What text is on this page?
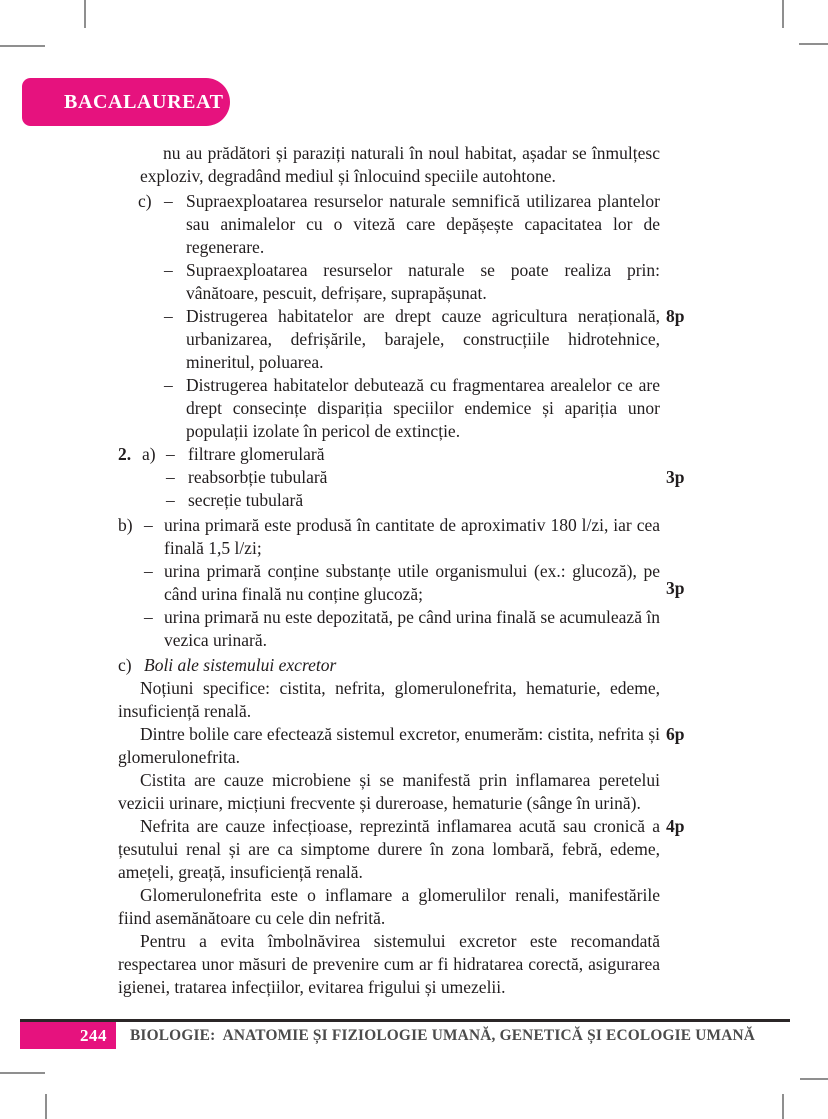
BACALAUREAT

nu au prădători și paraziți naturali în noul habitat, așadar se înmulțesc exploziv, degradând mediul și înlocuind speciile autohtone.

c) – Supraexploatarea resurselor naturale semnifică utilizarea plantelor sau animalelor cu o viteză care depășește capacitatea lor de regenerare.
– Supraexploatarea resurselor naturale se poate realiza prin: vânătoare, pescuit, defrișare, suprapășunat.
– Distrugerea habitatelor are drept cauze agricultura nerațională, urbanizarea, defrișările, barajele, construcțiile hidrotehnice, mineritul, poluarea.
– Distrugerea habitatelor debutează cu fragmentarea arealelor ce are drept consecințe dispariția speciilor endemice și apariția unor populații izolate în pericol de extincție.
2. a) – filtrare glomerulară
– reabsorbție tubulară
– secreție tubulară
b) – urina primară este produsă în cantitate de aproximativ 180 l/zi, iar cea finală 1,5 l/zi;
– urina primară conține substanțe utile organismului (ex.: glucoză), pe când urina finală nu conține glucoză;
– urina primară nu este depozitată, pe când urina finală se acumulează în vezica urinară.
c) Boli ale sistemului excretor

Noțiuni specifice: cistita, nefrita, glomerulonefrita, hematurie, edeme, insuficiență renală.

Dintre bolile care efectează sistemul excretor, enumerăm: cistita, nefrita și glomerulonefrita.

Cistita are cauze microbiene și se manifestă prin inflamarea peretelui vezicii urinare, micțiuni frecvente și dureroase, hematurie (sânge în urină).

Nefrita are cauze infecțioase, reprezintă inflamarea acută sau cronică a țesutului renal și are ca simptome durere în zona lombară, febră, edeme, amețeli, greață, insuficiență renală.

Glomerulonefrita este o inflamare a glomerulilor renali, manifestările fiind asemănătoare cu cele din nefrită.

Pentru a evita îmbolnăvirea sistemului excretor este recomandată respectarea unor măsuri de prevenire cum ar fi hidratarea corectă, asigurarea igienei, tratarea infecțiilor, evitarea frigului și umezelii.

8p
3p
3p
6p
4p
244 BIOLOGIE:  ANATOMIE ȘI FIZIOLOGIE UMANĂ, GENETICĂ ȘI ECOLOGIE UMANĂ
